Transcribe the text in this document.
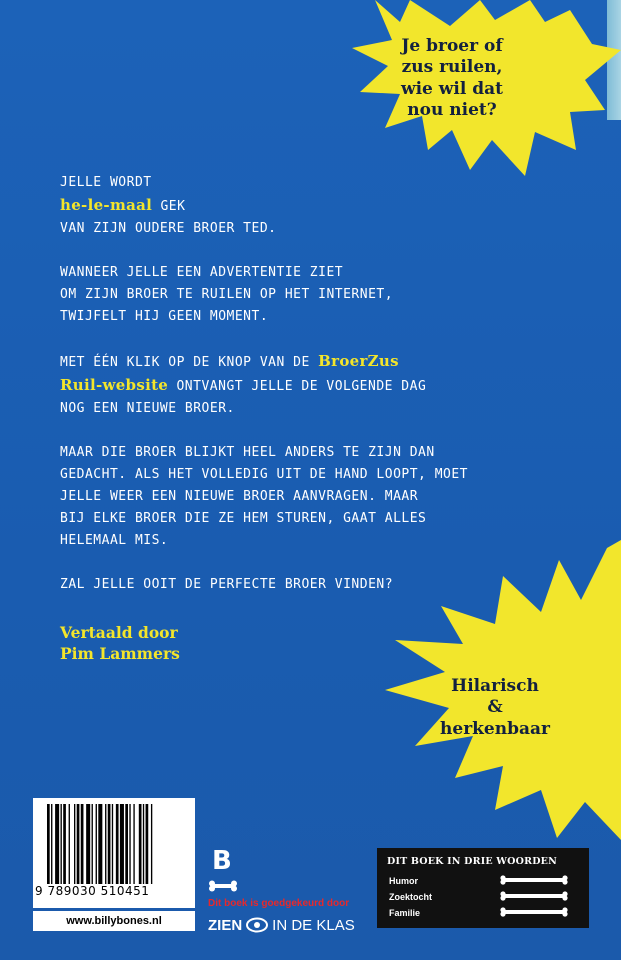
Je broer of
zus ruilen,
wie wil dat
nou niet?
Hilarisch
&
herkenbaar

JELLE WORDT
he-le-maal GEK
VAN ZIJN OUDERE BROER TED.

WANNEER JELLE EEN ADVERTENTIE ZIET
OM ZIJN BROER TE RUILEN OP HET INTERNET,
TWIJFELT HIJ GEEN MOMENT.

MET ÉÉN KLIK OP DE KNOP VAN DE BroerZus
Ruil-website ONTVANGT JELLE DE VOLGENDE DAG
NOG EEN NIEUWE BROER.

MAAR DIE BROER BLIJKT HEEL ANDERS TE ZIJN DAN
GEDACHT. ALS HET VOLLEDIG UIT DE HAND LOOPT, MOET
JELLE WEER EEN NIEUWE BROER AANVRAGEN. MAAR
BIJ ELKE BROER DIE ZE HEM STUREN, GAAT ALLES
HELEMAAL MIS.

ZAL JELLE OOIT DE PERFECTE BROER VINDEN?

Vertaald door
Pim Lammers
9 789030 510451
www.billybones.nl
B
Dit boek is goedgekeurd door
ZIEN IN DE KLAS
DIT BOEK IN DRIE WOORDEN
Humor
Zoektocht
Familie
